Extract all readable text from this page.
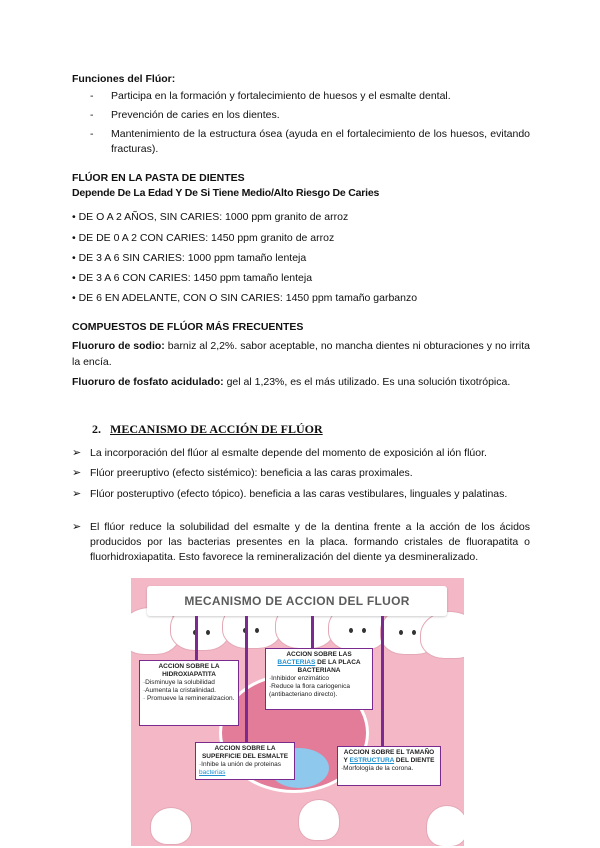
Funciones del Flúor:
- Participa en la formación y fortalecimiento de huesos y el esmalte dental.
- Prevención de caries en los dientes.
- Mantenimiento de la estructura ósea (ayuda en el fortalecimiento de los huesos, evitando fracturas).
FLÚOR EN LA PASTA DE DIENTES
Depende De La Edad Y De Si Tiene Medio/Alto Riesgo De Caries
• DE O A 2 AÑOS, SIN CARIES: 1000 ppm granito de arroz
• DE DE 0 A 2 CON CARIES: 1450 ppm granito de arroz
• DE 3 A 6 SIN CARIES: 1000 ppm tamaño lenteja
• DE 3 A 6 CON CARIES: 1450 ppm tamaño lenteja
• DE 6 EN ADELANTE, CON O SIN CARIES: 1450 ppm tamaño garbanzo
COMPUESTOS DE FLÚOR MÁS FRECUENTES
Fluoruro de sodio: barniz al 2,2%. sabor aceptable, no mancha dientes ni obturaciones y no irrita la encía.
Fluoruro de fosfato acidulado: gel al 1,23%, es el más utilizado. Es una solución tixotrópica.
2. MECANISMO DE ACCIÓN DE FLÚOR
➢ La incorporación del flúor al esmalte depende del momento de exposición al ión flúor.
➢ Flúor preeruptivo (efecto sistémico): beneficia a las caras proximales.
➢ Flúor posteruptivo (efecto tópico). beneficia a las caras vestibulares, linguales y palatinas.
➢ El flúor reduce la solubilidad del esmalte y de la dentina frente a la acción de los ácidos producidos por las bacterias presentes en la placa. formando cristales de fluorapatita o fluorhidroxiapatita. Esto favorece la remineralización del diente ya desmineralizado.
MECANISMO DE ACCION DEL FLUOR
ACCION SOBRE LA HIDROXIAPATITA
·Disminuye la solubilidad
·Aumenta la cristalinidad.
· Promueve la remineralizacion.
ACCION SOBRE LAS BACTERIAS DE LA PLACA BACTERIANA
·Inhibidor enzimático
·Reduce la flora cariogenica (antibacteriano directo).
ACCION SOBRE LA SUPERFICIE DEL ESMALTE
·Inhibe la unión de proteinas bacterias
ACCION SOBRE EL TAMAÑO Y ESTRUCTURA DEL DIENTE
·Morfología de la corona.
